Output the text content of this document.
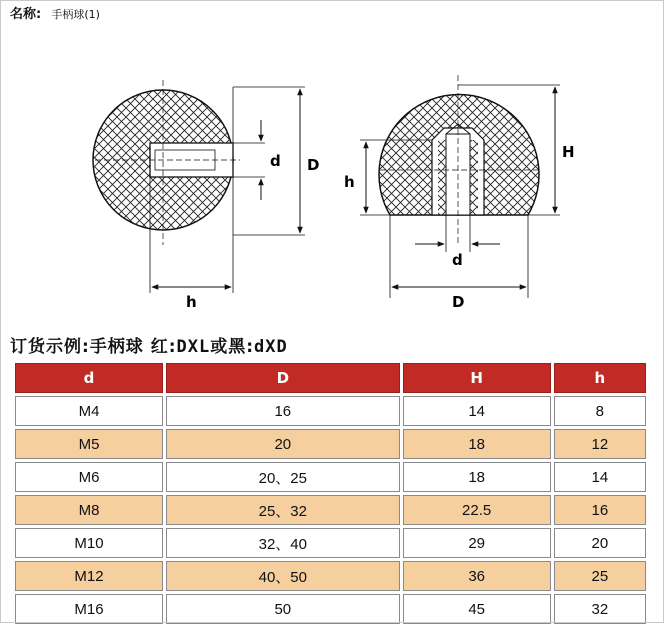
名称: 手柄球(1)
d D
h
H
h
d
D
订货示例:手柄球 红:DXL或黑:dXD
d	D	H	h
M4	16	14	8
M5	20	18	12
M6	20、25	18	14
M8	25、32	22.5	16
M10	32、40	29	20
M12	40、50	36	25
M16	50	45	32
